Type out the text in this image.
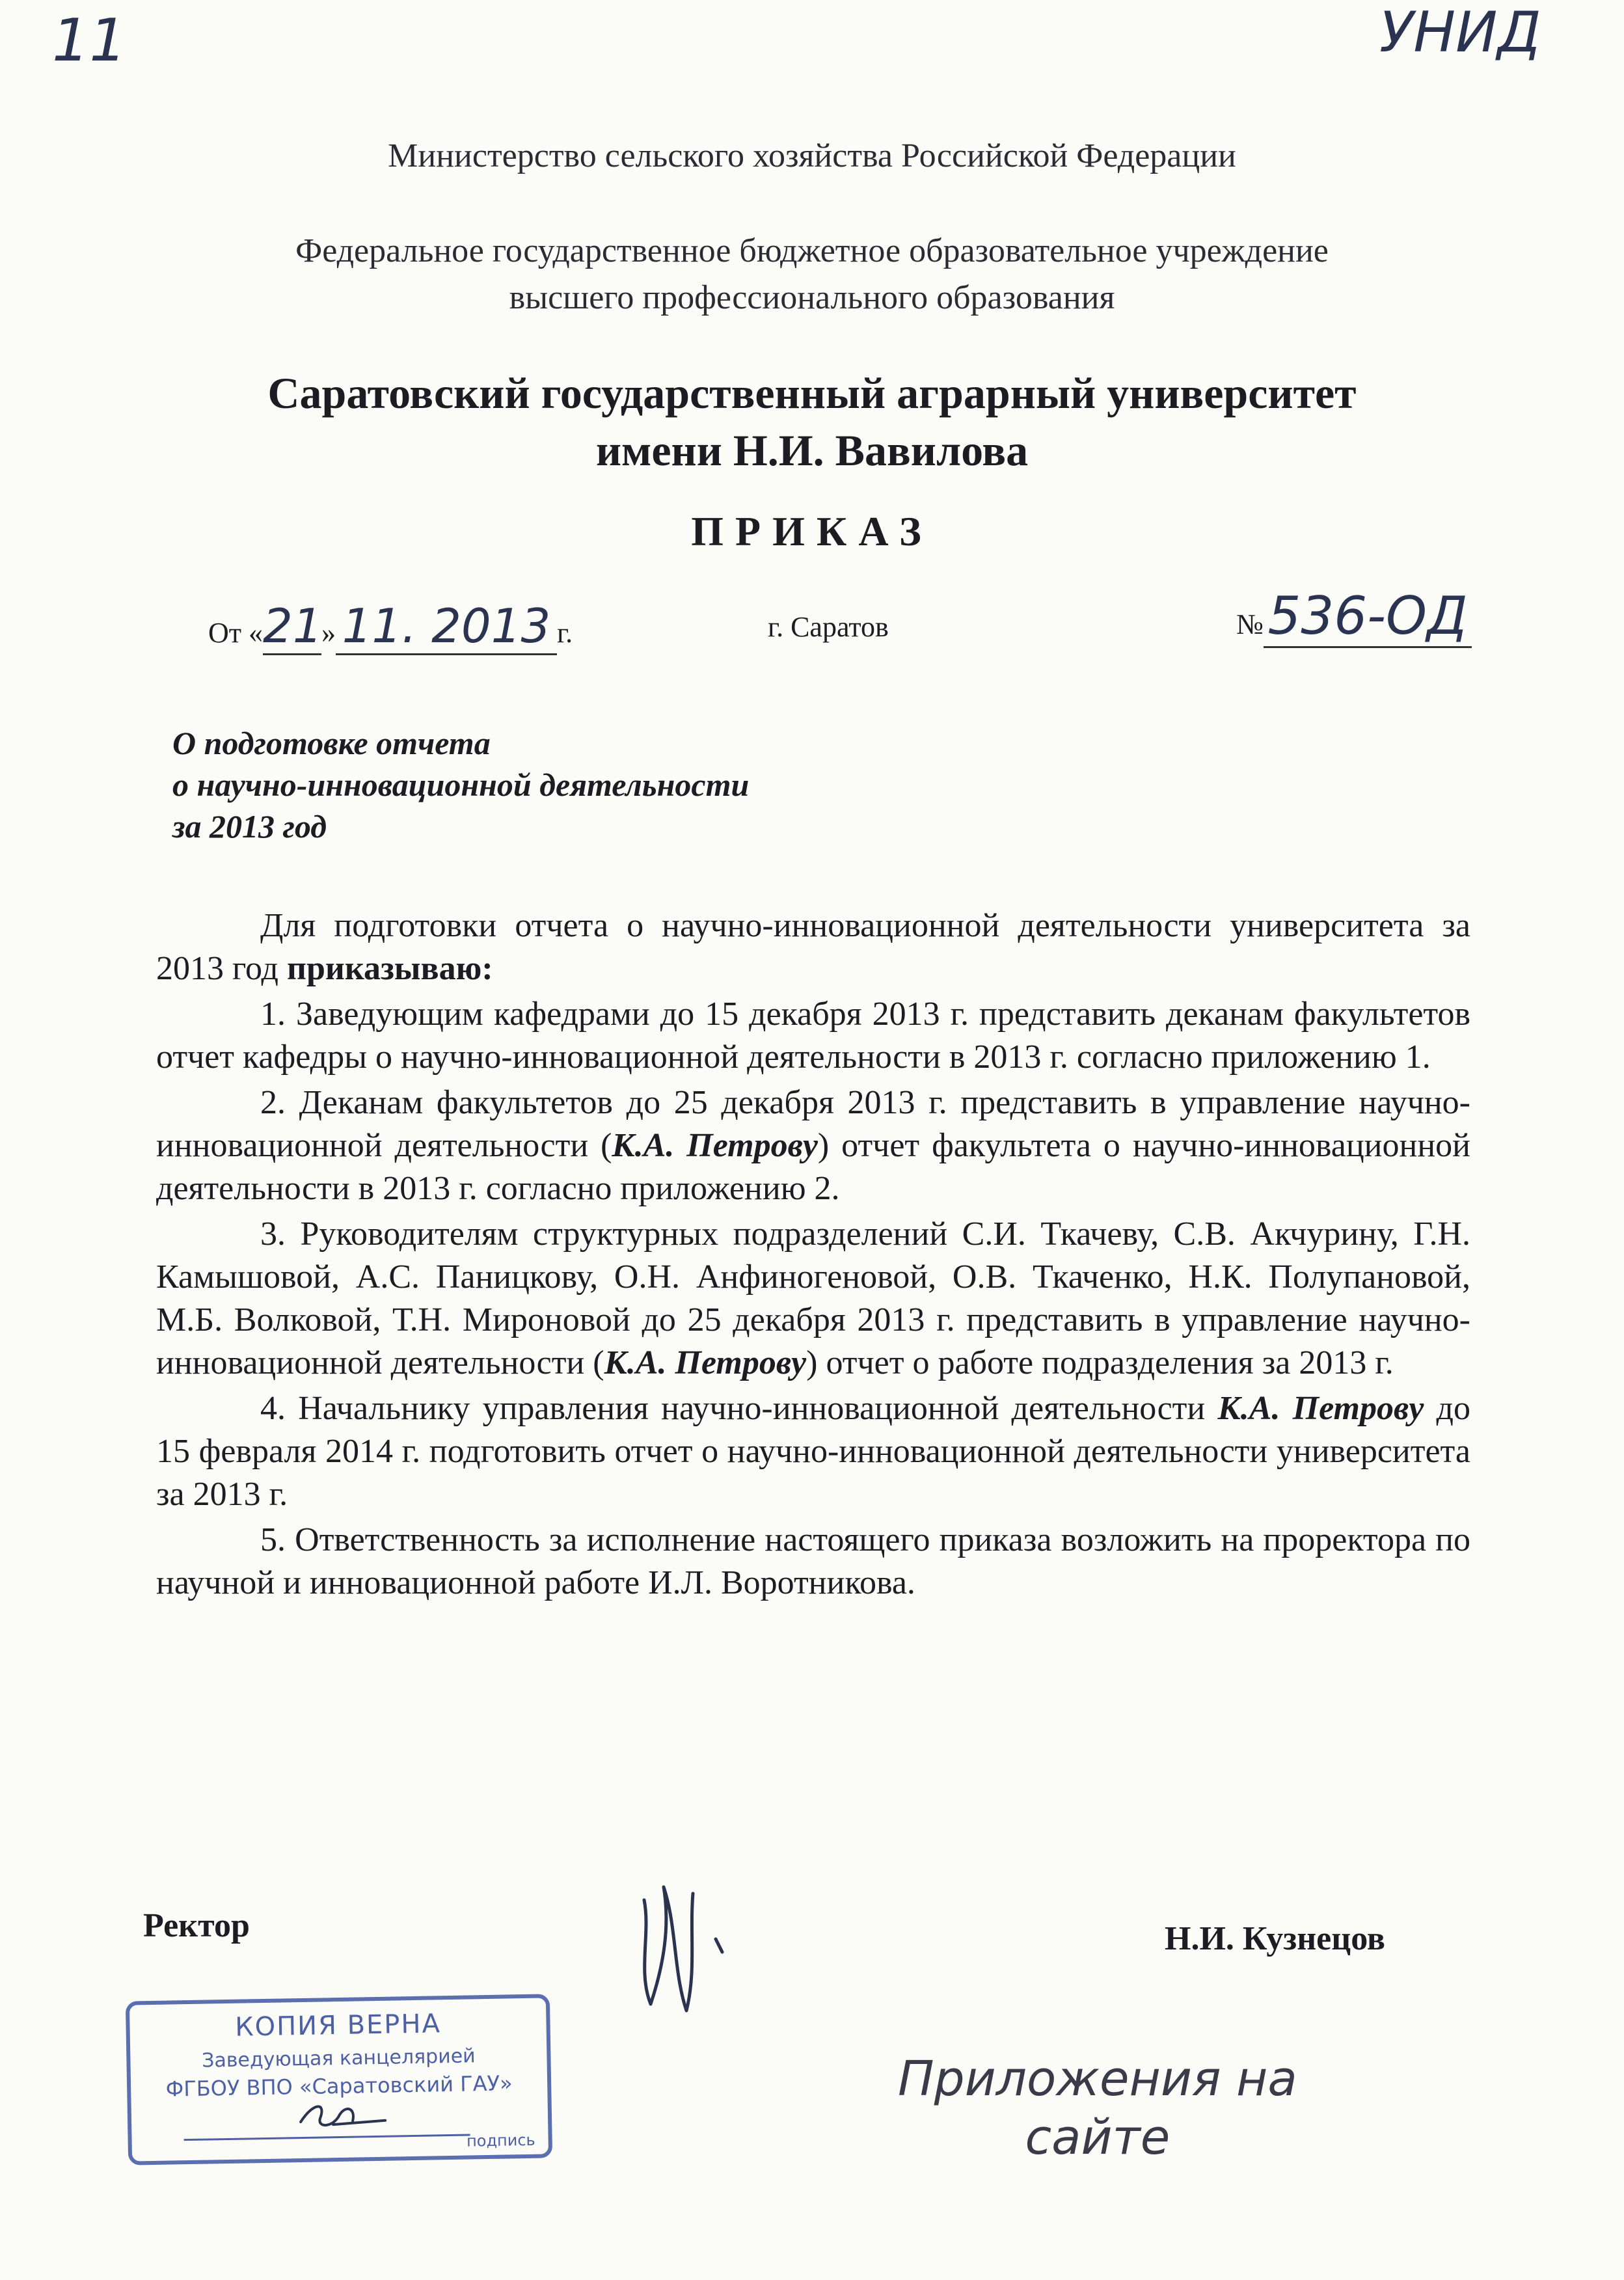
11	УНИД
Министерство сельского хозяйства Российской Федерации
Федеральное государственное бюджетное образовательное учреждение
высшего профессионального образования
Саратовский государственный аграрный университет
имени Н.И. Вавилова
ПРИКАЗ
От «21» 11. 2013 г.	г. Саратов	№536-ОД
О подготовке отчета
о научно-инновационной деятельности
за 2013 год

Для подготовки отчета о научно-инновационной деятельности университета за 2013 год приказываю:

1. Заведующим кафедрами до 15 декабря 2013 г. представить деканам факультетов отчет кафедры о научно-инновационной деятельности в 2013 г. согласно приложению 1.

2. Деканам факультетов до 25 декабря 2013 г. представить в управление научно-инновационной деятельности (К.А. Петрову) отчет факультета о научно-инновационной деятельности в 2013 г. согласно приложению 2.

3. Руководителям структурных подразделений С.И. Ткачеву, С.В. Акчурину, Г.Н. Камышовой, А.С. Паницкову, О.Н. Анфиногеновой, О.В. Ткаченко, Н.К. Полупановой, М.Б. Волковой, Т.Н. Мироновой до 25 декабря 2013 г. представить в управление научно-инновационной деятельности (К.А. Петрову) отчет о работе подразделения за 2013 г.

4. Начальнику управления научно-инновационной деятельности К.А. Петрову до 15 февраля 2014 г. подготовить отчет о научно-инновационной деятельности университета за 2013 г.

5. Ответственность за исполнение настоящего приказа возложить на проректора по научной и инновационной работе И.Л. Воротникова.

Ректор	Н.И. Кузнецов
КОПИЯ ВЕРНА
Заведующая канцелярией
ФГБОУ ВПО «Саратовский ГАУ»
подпись
Приложения на
сайте
